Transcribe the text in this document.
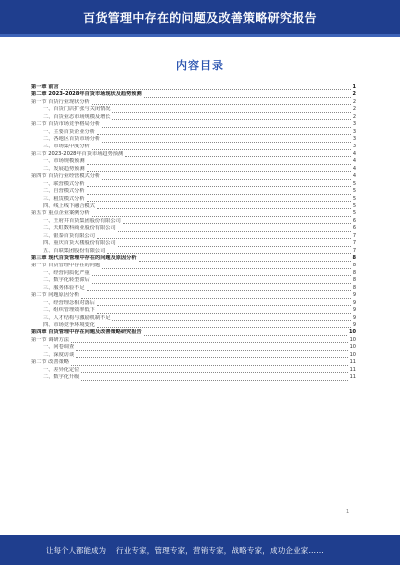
百货管理中存在的问题及改善策略研究报告
内容目录
第一章 前言	1
第二章 2023-2028年百货市场现状及趋势预测	2
第一节 百货行业现状分析	2
一、百货门店扩张与关闭情况	2
二、百货业态市场规模及增长	2
第二节 百货市场竞争格局分析	3
一、主要百货企业分析	3
二、各地区百货市场分析	3
三、市场集中度分析	3
第三节 2023-2028年百货市场趋势预测	4
一、市场规模预测	4
二、发展趋势预测	4
第四节 百货行业经营模式分析	4
一、联营模式分析	5
二、自营模式分析	5
三、租赁模式分析	5
四、线上线下融合模式	5
第五节 重点企业案例分析	5
一、王府井百货集团股份有限公司	6
二、天虹数科商业股份有限公司	6
三、银泰百货有限公司	7
四、重庆百货大楼股份有限公司	7
五、百联集团股份有限公司	7
第三章 现代百货管理中存在的问题及原因分析	8
第一节 百货管理中存在的问题	8
一、经营同质化严重	8
二、数字化转型滞后	8
三、服务体验不足	8
第二节 问题原因分析	9
一、经营理念相对落后	9
二、组织管理效率低下	9
三、人才结构与激励机制不足	9
四、市场竞争环境变化	9
第四章 百货管理中存在问题及改善策略研究报告	10
第一节 调研方法	10
一、问卷调查	10
二、深度访谈	10
第二节 改善策略	11
一、差异化定位	11
二、数字化升级	11
1
让每个人都能成为 行业专家，管理专家，营销专家，战略专家，成功企业家……
